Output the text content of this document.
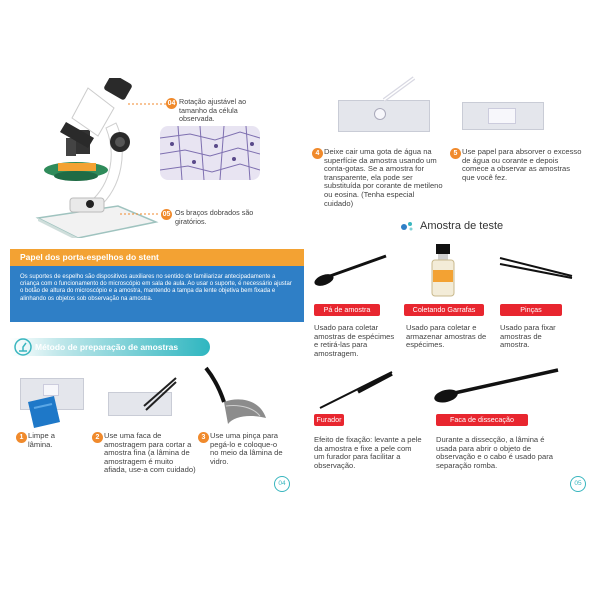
04 Rotação ajustável ao tamanho da célula observada.
05 Os braços dobrados são giratórios.
Papel dos porta-espelhos do stent

Os suportes de espelho são dispositivos auxiliares no sentido de familiarizar antecipadamente a criança com o funcionamento do microscópio em sala de aula. Ao usar o suporte, é necessário ajustar o botão de altura do microscópio e a amostra, mantendo a tampa da lente objetiva bem fixada e alinhando os objetos sob observação na amostra.

Método de preparação de amostras
1 Limpe a lâmina.
2 Use uma faca de amostragem para cortar a amostra fina (a lâmina de amostragem é muito afiada, use-a com cuidado)
3 Use uma pinça para pegá-lo e coloque-o no meio da lâmina de vidro.
04
4 Deixe cair uma gota de água na superfície da amostra usando um conta-gotas. Se a amostra for transparente, ela pode ser substituída por corante de metileno ou eosina. (Tenha especial cuidado)
5 Use papel para absorver o excesso de água ou corante e depois comece a observar as amostras que você fez.
Amostra de teste
Pá de amostra	Coletando Garrafas	Pinças
Usado para coletar amostras de espécimes e retirá-las para amostragem.
Usado para coletar e armazenar amostras de espécimes.
Usado para fixar amostras de amostra.
Furador	Faca de dissecação
Efeito de fixação: levante a pele da amostra e fixe a pele com um furador para facilitar a observação.
Durante a dissecção, a lâmina é usada para abrir o objeto de observação e o cabo é usado para separação romba.
05
